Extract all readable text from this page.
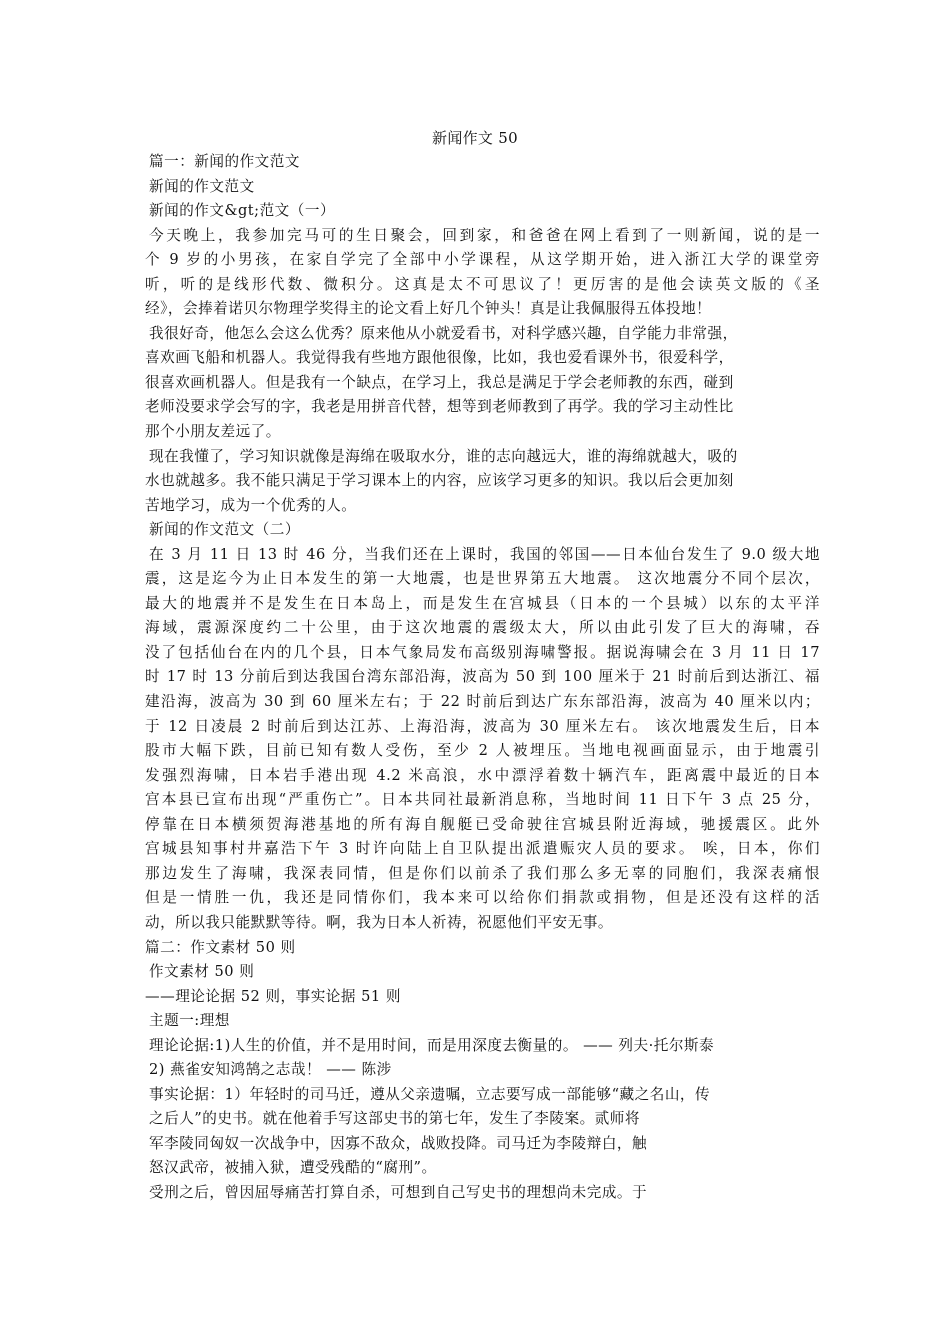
新闻作文 50
篇一：新闻的作文范文
新闻的作文范文
新闻的作文&gt;范文（一）
今天晚上，我参加完马可的生日聚会，回到家，和爸爸在网上看到了一则新闻，说的是一
个 9 岁的小男孩，在家自学完了全部中小学课程，从这学期开始，进入浙江大学的课堂旁
听，听的是线形代数、微积分。这真是太不可思议了！更厉害的是他会读英文版的《圣
经》，会捧着诺贝尔物理学奖得主的论文看上好几个钟头！真是让我佩服得五体投地！
我很好奇，他怎么会这么优秀？原来他从小就爱看书，对科学感兴趣，自学能力非常强，
喜欢画飞船和机器人。我觉得我有些地方跟他很像，比如，我也爱看课外书，很爱科学，
很喜欢画机器人。但是我有一个缺点，在学习上，我总是满足于学会老师教的东西，碰到
老师没要求学会写的字，我老是用拼音代替，想等到老师教到了再学。我的学习主动性比
那个小朋友差远了。
现在我懂了，学习知识就像是海绵在吸取水分，谁的志向越远大，谁的海绵就越大，吸的
水也就越多。我不能只满足于学习课本上的内容，应该学习更多的知识。我以后会更加刻
苦地学习，成为一个优秀的人。
新闻的作文范文（二）
在 3 月 11 日 13 时 46 分，当我们还在上课时，我国的邻国——日本仙台发生了 9.0 级大地
震，这是迄今为止日本发生的第一大地震，也是世界第五大地震。 这次地震分不同个层次，
最大的地震并不是发生在日本岛上，而是发生在宫城县（日本的一个县城）以东的太平洋
海域，震源深度约二十公里，由于这次地震的震级太大，所以由此引发了巨大的海啸，吞
没了包括仙台在内的几个县，日本气象局发布高级别海啸警报。据说海啸会在 3 月 11 日 17
时 17 时 13 分前后到达我国台湾东部沿海，波高为 50 到 100 厘米于 21 时前后到达浙江、福
建沿海，波高为 30 到 60 厘米左右；于 22 时前后到达广东东部沿海，波高为 40 厘米以内；
于 12 日凌晨 2 时前后到达江苏、上海沿海，波高为 30 厘米左右。 该次地震发生后，日本
股市大幅下跌，目前已知有数人受伤，至少 2 人被埋压。当地电视画面显示，由于地震引
发强烈海啸，日本岩手港出现 4.2 米高浪，水中漂浮着数十辆汽车，距离震中最近的日本
宫本县已宣布出现“严重伤亡”。日本共同社最新消息称，当地时间 11 日下午 3 点 25 分，
停靠在日本横须贺海港基地的所有海自舰艇已受命驶往宫城县附近海域，驰援震区。此外
宫城县知事村井嘉浩下午 3 时许向陆上自卫队提出派遣赈灾人员的要求。 唉，日本，你们
那边发生了海啸，我深表同情，但是你们以前杀了我们那么多无辜的同胞们，我深表痛恨
但是一情胜一仇，我还是同情你们，我本来可以给你们捐款或捐物，但是还没有这样的活
动，所以我只能默默等待。啊，我为日本人祈祷，祝愿他们平安无事。
篇二：作文素材 50 则
作文素材 50 则
——理论论据 52 则，事实论据 51 则
主题一:理想
理论论据:1)人生的价值，并不是用时间，而是用深度去衡量的。 —— 列夫·托尔斯泰
2) 燕雀安知鸿鹄之志哉！ —— 陈涉
事实论据：1）年轻时的司马迁，遵从父亲遗嘱，立志要写成一部能够“藏之名山，传
之后人”的史书。就在他着手写这部史书的第七年，发生了李陵案。贰师将
军李陵同匈奴一次战争中，因寡不敌众，战败投降。司马迁为李陵辩白，触
怒汉武帝，被捕入狱，遭受残酷的“腐刑”。
受刑之后，曾因屈辱痛苦打算自杀，可想到自己写史书的理想尚未完成。于
